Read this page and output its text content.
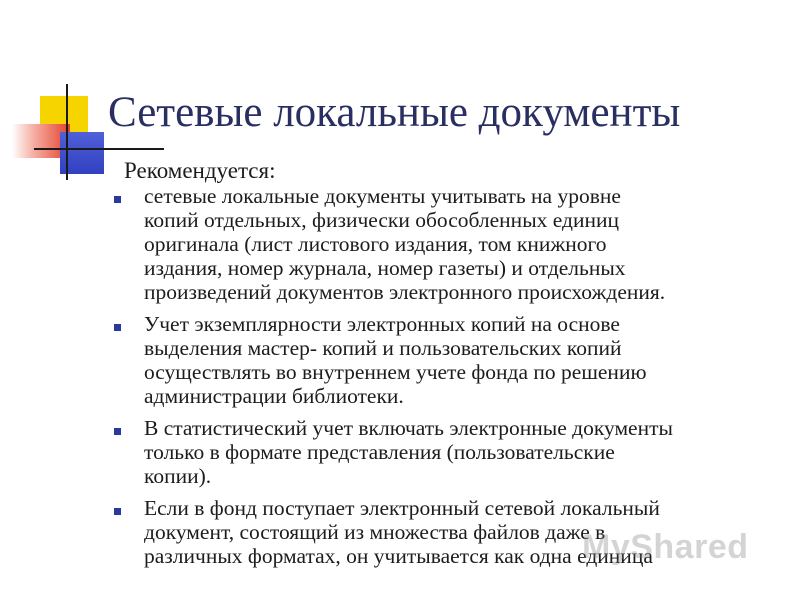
Сетевые локальные документы
Рекомендуется:
сетевые локальные документы учитывать на уровне
копий отдельных, физически обособленных единиц
оригинала (лист листового издания, том книжного
издания, номер журнала, номер газеты) и отдельных
произведений документов электронного происхождения.
Учет экземплярности электронных копий на основе
выделения мастер- копий и пользовательских копий
осуществлять во внутреннем учете фонда по решению
администрации библиотеки.
В статистический учет включать электронные документы
только в формате представления (пользовательские
копии).
Если в фонд поступает электронный сетевой локальный
документ, состоящий из множества файлов даже в
различных форматах, он учитывается как одна единица
MyShared
